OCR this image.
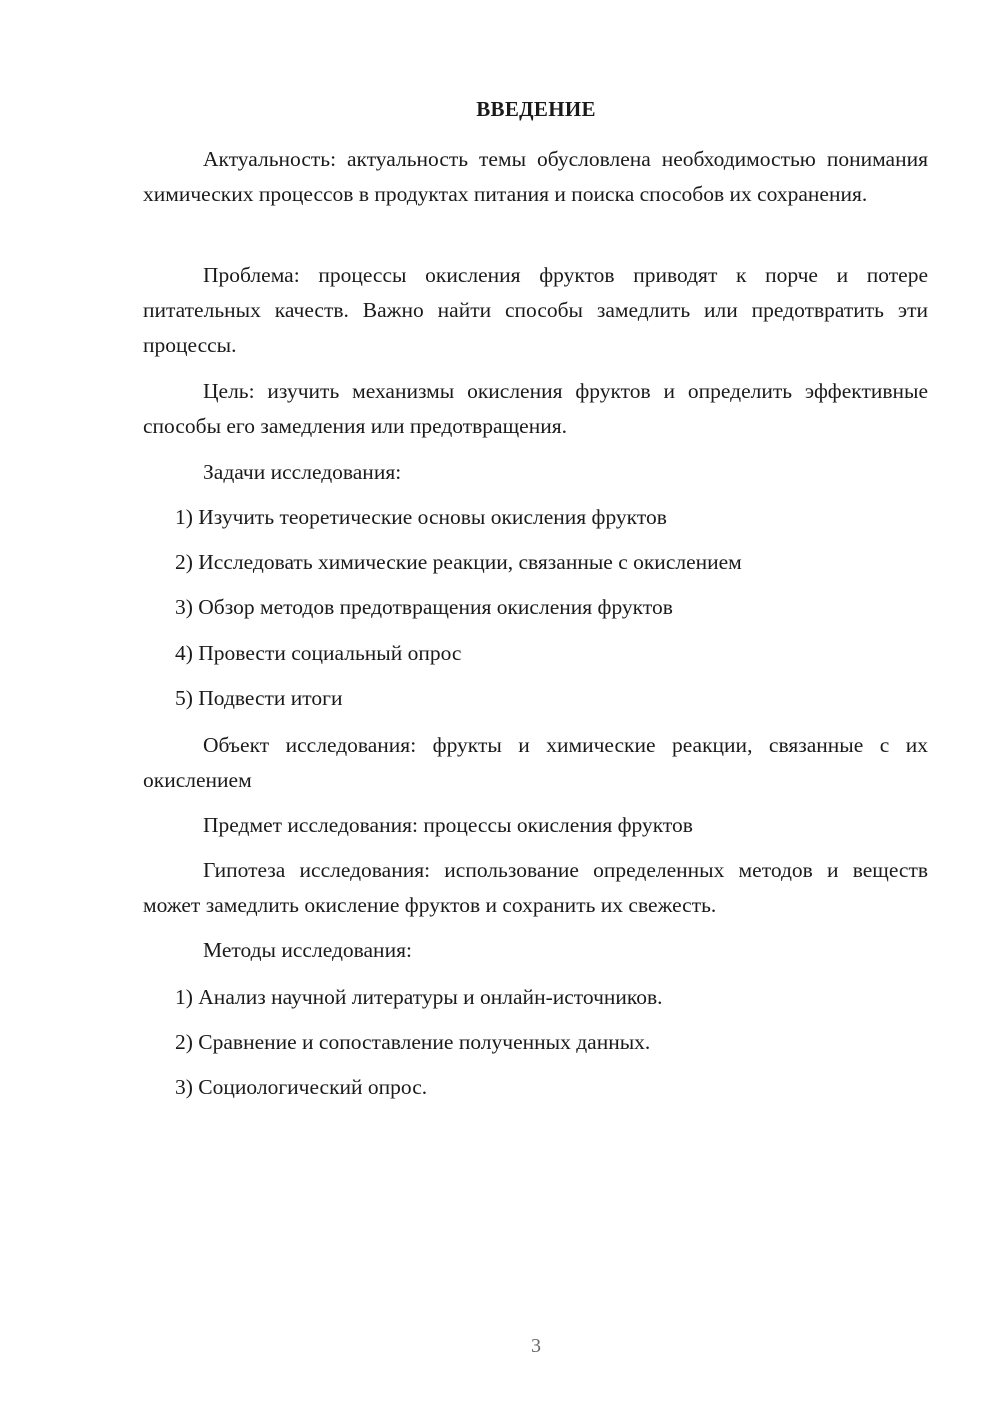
ВВЕДЕНИЕ

Актуальность: актуальность темы обусловлена необходимостью понимания химических процессов в продуктах питания и поиска способов их сохранения.

Проблема: процессы окисления фруктов приводят к порче и потере питательных качеств. Важно найти способы замедлить или предотвратить эти процессы.

Цель: изучить механизмы окисления фруктов и определить эффективные способы его замедления или предотвращения.

Задачи исследования:
1) Изучить теоретические основы окисления фруктов
2) Исследовать химические реакции, связанные с окислением
3) Обзор методов предотвращения окисления фруктов
4) Провести социальный опрос
5) Подвести итоги

Объект исследования: фрукты и химические реакции, связанные с их окислением

Предмет исследования: процессы окисления фруктов

Гипотеза исследования: использование определенных методов и веществ может замедлить окисление фруктов и сохранить их свежесть.

Методы исследования:
1) Анализ научной литературы и онлайн-источников.
2) Сравнение и сопоставление полученных данных.
3) Социологический опрос.
3
